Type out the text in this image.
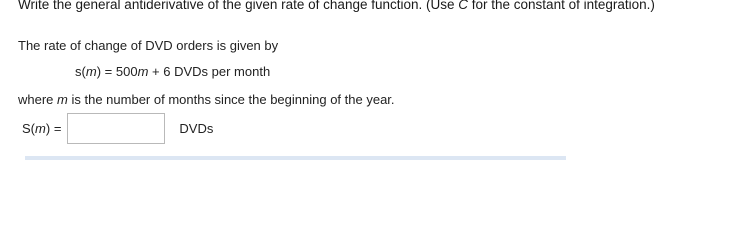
Write the general antiderivative of the given rate of change function. (Use C for the constant of integration.)
The rate of change of DVD orders is given by
s(m) = 500m + 6 DVDs per month
where m is the number of months since the beginning of the year.
S(m) =	DVDs
